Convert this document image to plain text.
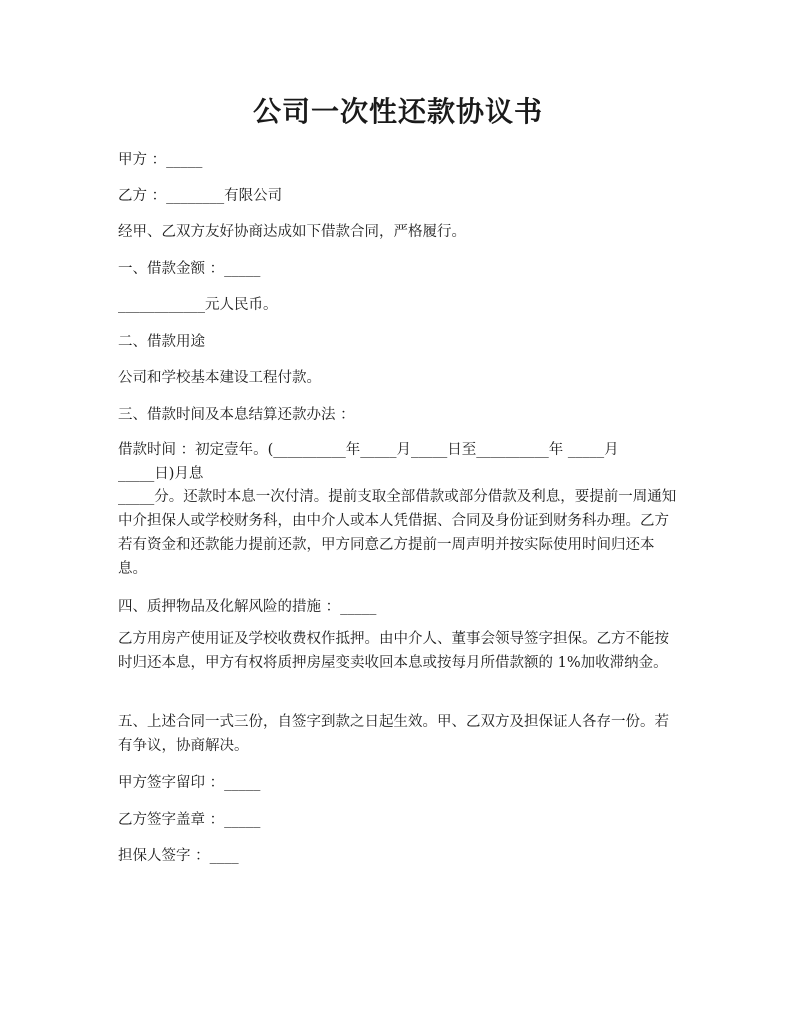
公司一次性还款协议书
甲方 ：_____
乙方 ：________有限公司
经甲、乙双方友好协商达成如下借款合同，严格履行。
一、借款金额 ：_____
____________元人民币。
二、借款用途
公司和学校基本建设工程付款。
三、借款时间及本息结算还款办法 ：
借款时间 ：初定壹年。(__________年_____月_____日至__________年 _____月
_____日)月息
_____分。还款时本息一次付清。提前支取全部借款或部分借款及利息，要提前一周通知中介担保人或学校财务科，由中介人或本人凭借据、合同及身份证到财务科办理。乙方若有资金和还款能力提前还款，甲方同意乙方提前一周声明并按实际使用时间归还本息。
四、质押物品及化解风险的措施 ：_____
乙方用房产使用证及学校收费权作抵押。由中介人、董事会领导签字担保。乙方不能按时归还本息，甲方有权将质押房屋变卖收回本息或按每月所借款额的 1%加收滞纳金。
五、上述合同一式三份，自签字到款之日起生效。甲、乙双方及担保证人各存一份。若有争议，协商解决。
甲方签字留印 ：_____
乙方签字盖章 ：_____
担保人签字 ：____
